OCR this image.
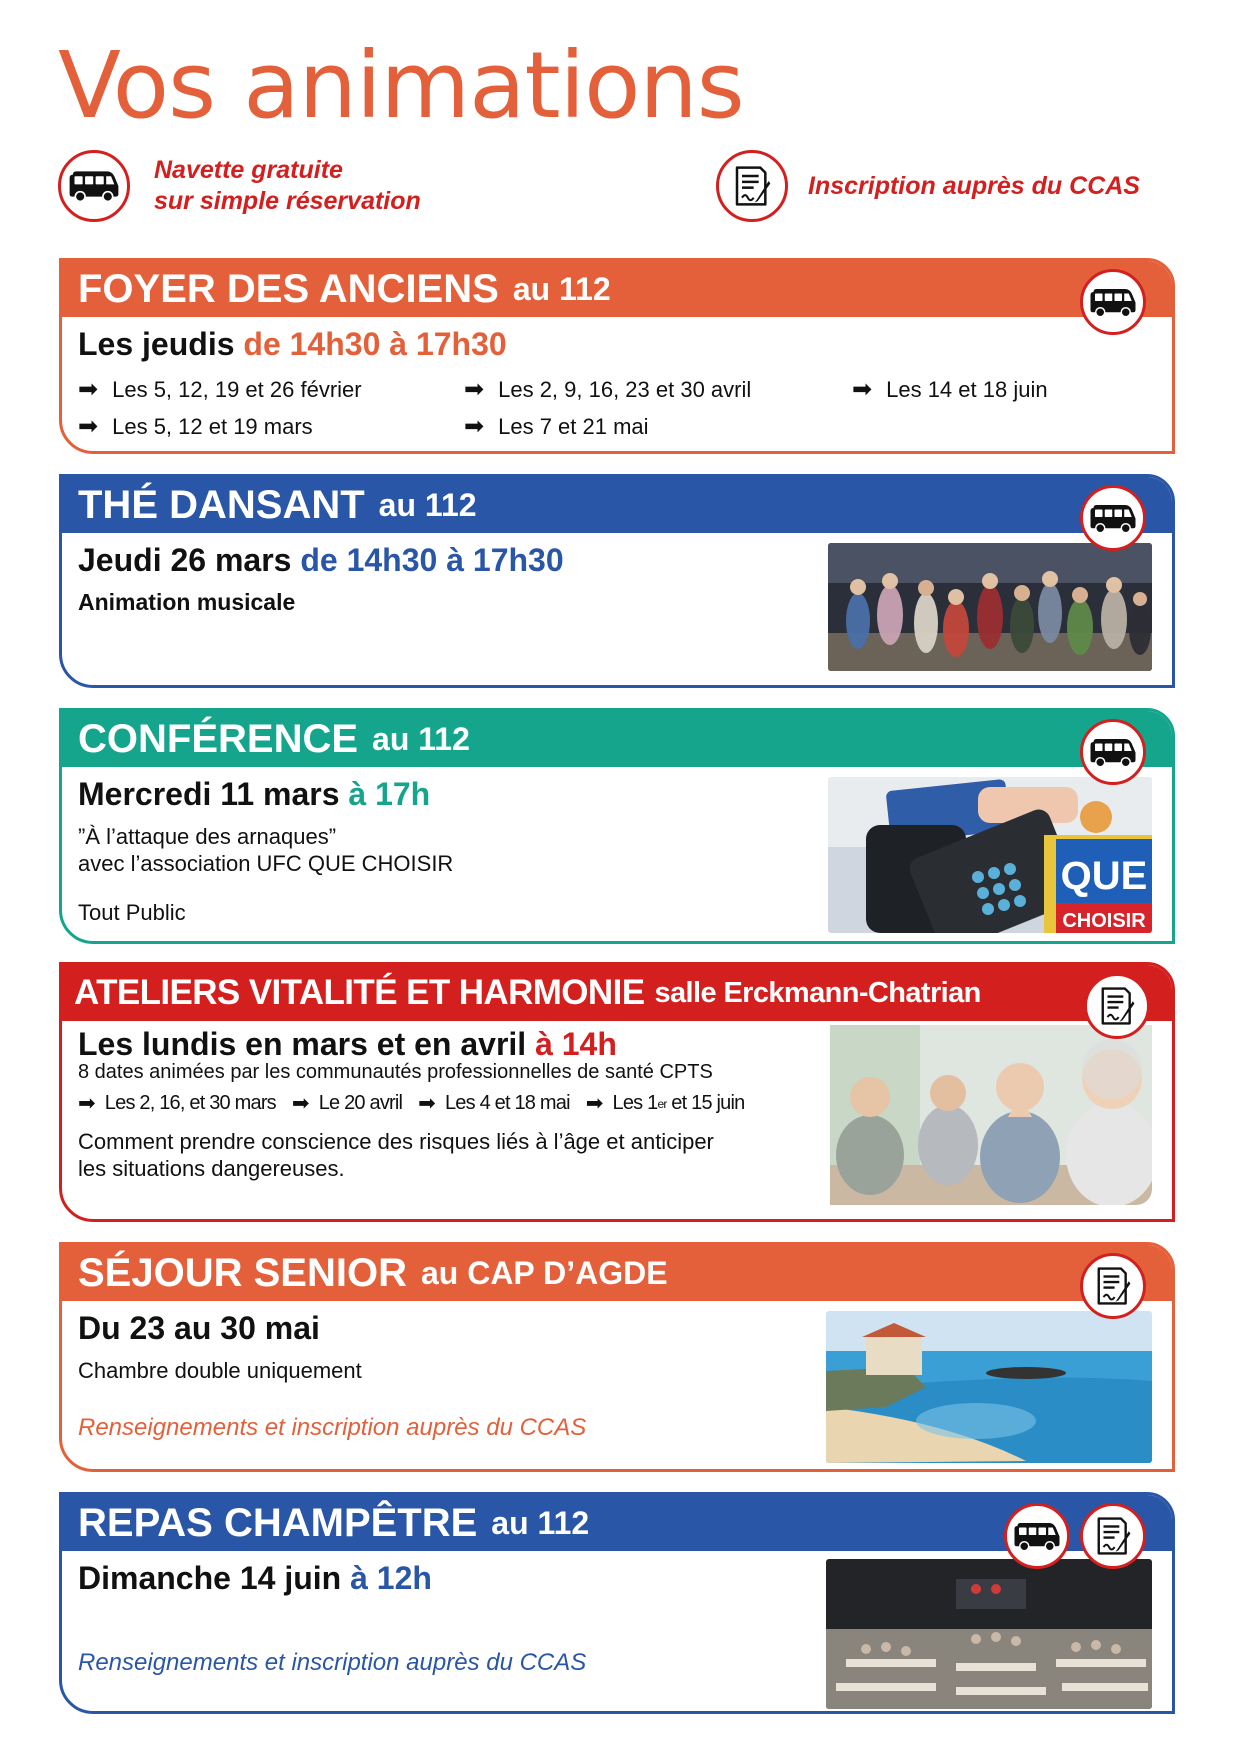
Vos animations
Navette gratuite
sur simple réservation
Inscription auprès du CCAS
FOYER DES ANCIENS au 112
Les jeudis de 14h30 à 17h30
➡ Les 5, 12, 19 et 26 février	➡ Les 2, 9, 16, 23 et 30 avril	➡ Les 14 et 18 juin
➡ Les 5, 12 et 19 mars	➡ Les 7 et 21 mai
THÉ DANSANT au 112
Jeudi 26 mars de 14h30 à 17h30
Animation musicale
CONFÉRENCE au 112
Mercredi 11 mars à 17h
”À l’attaque des arnaques”
avec l’association UFC QUE CHOISIR
Tout Public
QUE
CHOISIR
ATELIERS VITALITÉ ET HARMONIE salle Erckmann-Chatrian
Les lundis en mars et en avril à 14h
8 dates animées par les communautés professionnelles de santé CPTS
➡ Les 2, 16, et 30 mars ➡ Le 20 avril ➡ Les 4 et 18 mai ➡ Les 1 er et 15 juin
Comment prendre conscience des risques liés à l’âge et anticiper
les situations dangereuses.
SÉJOUR SENIOR au CAP D’AGDE
Du 23 au 30 mai
Chambre double uniquement
Renseignements et inscription auprès du CCAS
REPAS CHAMPÊTRE au 112
Dimanche 14 juin à 12h
Renseignements et inscription auprès du CCAS
